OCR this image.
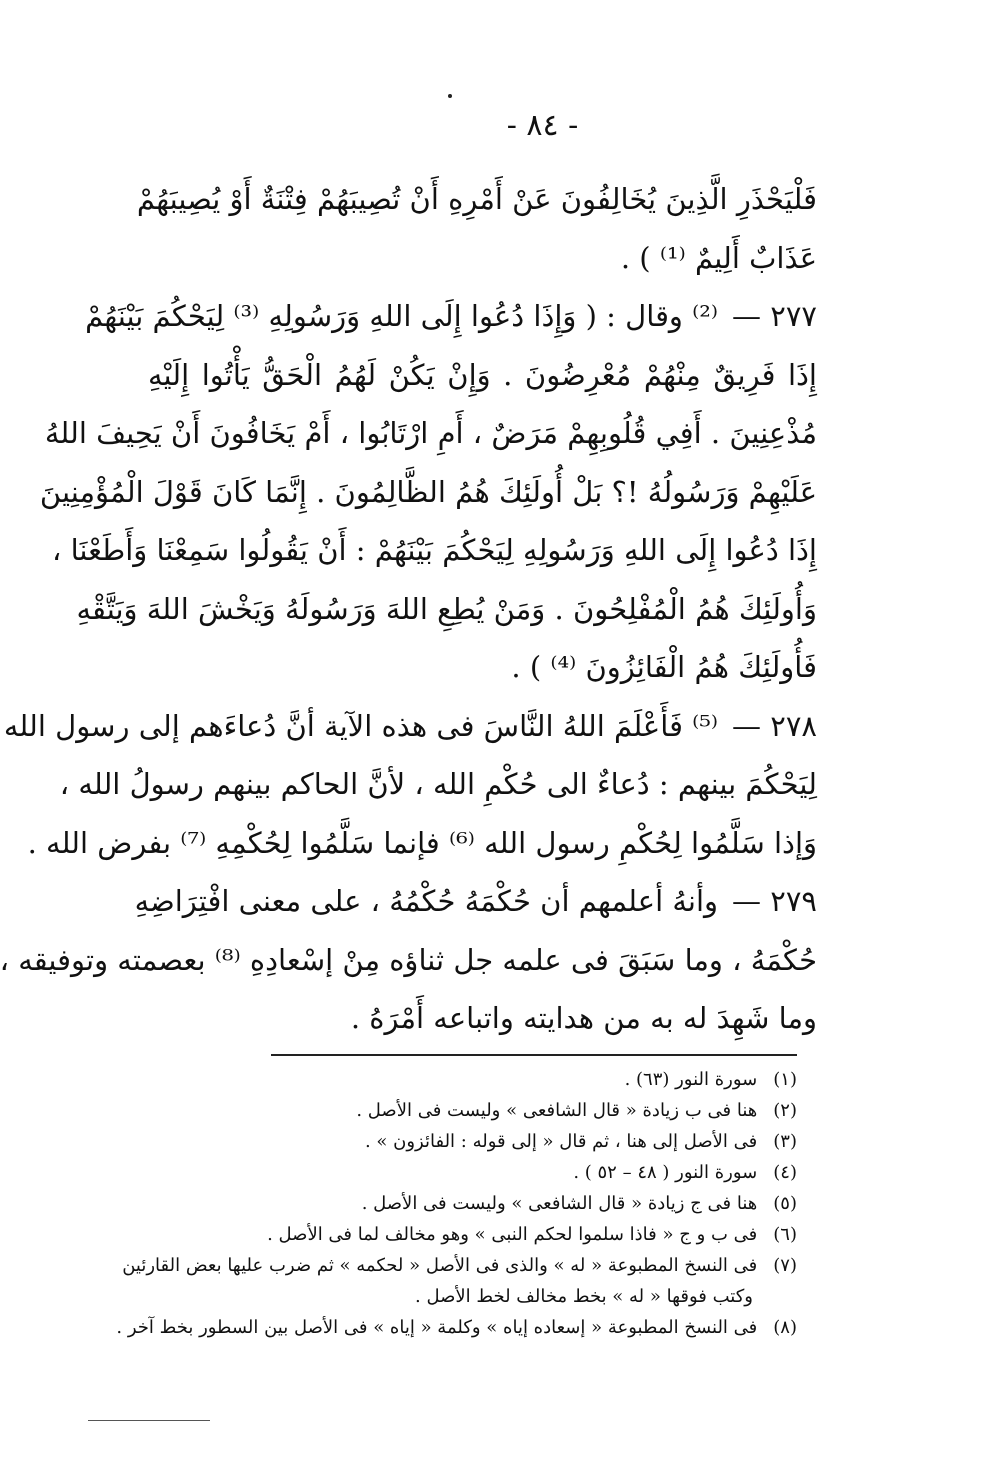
- ٨٤ -
فَلْيَحْذَرِ الَّذِينَ يُخَالِفُونَ عَنْ أَمْرِهِ أَنْ تُصِيبَهُمْ فِتْنَةٌ أَوْ يُصِيبَهُمْ
عَذَابٌ أَلِيمٌ ⁽¹⁾ ) .
٢٧٧ —⁽²⁾ وقال : ( وَإِذَا دُعُوا إِلَى اللهِ وَرَسُولِهِ ⁽³⁾ لِيَحْكُمَ بَيْنَهُمْ
إِذَا فَرِيقٌ مِنْهُمْ مُعْرِضُونَ . وَإِنْ يَكُنْ لَهُمُ الْحَقُّ يَأْتُوا إِلَيْهِ
مُذْعِنِينَ . أَفِي قُلُوبِهِمْ مَرَضٌ ، أَمِ ارْتَابُوا ، أَمْ يَخَافُونَ أَنْ يَحِيفَ اللهُ
عَلَيْهِمْ وَرَسُولُهُ !؟ بَلْ أُولَئِكَ هُمُ الظَّالِمُونَ . إِنَّمَا كَانَ قَوْلَ الْمُؤْمِنِينَ
إِذَا دُعُوا إِلَى اللهِ وَرَسُولِهِ لِيَحْكُمَ بَيْنَهُمْ : أَنْ يَقُولُوا سَمِعْنَا وَأَطَعْنَا ،
وَأُولَئِكَ هُمُ الْمُفْلِحُونَ . وَمَنْ يُطِعِ اللهَ وَرَسُولَهُ وَيَخْشَ اللهَ وَيَتَّقْهِ
فَأُولَئِكَ هُمُ الْفَائِزُونَ ⁽⁴⁾ ) .
٢٧٨ —⁽⁵⁾ فَأَعْلَمَ اللهُ النَّاسَ فى هذه الآية أنَّ دُعاءَهم إلى رسول الله
لِيَحْكُمَ بينهم : دُعاءٌ الى حُكْمِ الله ، لأنَّ الحاكم بينهم رسولُ الله ،
وَإذا سَلَّمُوا لِحُكْمِ رسول الله ⁽⁶⁾ فإنما سَلَّمُوا لِحُكْمِهِ ⁽⁷⁾ بفرض الله .
٢٧٩ —وأنهُ أعلمهم أن حُكْمَهُ حُكْمُهُ ، على معنى افْتِرَاضِهِ
حُكْمَهُ ، وما سَبَقَ فى علمه جل ثناؤه مِنْ إسْعادِهِ ⁽⁸⁾ بعصمته وتوفيقه ،
وما شَهِدَ له به من هدايته واتباعه أَمْرَهُ .
(١) سورة النور (٦٣) .
(٢) هنا فى ب زيادة « قال الشافعى » وليست فى الأصل .
(٣) فى الأصل إلى هنا ، ثم قال « إلى قوله : الفائزون » .
(٤) سورة النور ( ٤٨ – ٥٢ ) .
(٥) هنا فى ج زيادة « قال الشافعى » وليست فى الأصل .
(٦) فى ب و ج « فاذا سلموا لحكم النبى » وهو مخالف لما فى الأصل .
(٧) فى النسخ المطبوعة « له » والذى فى الأصل « لحكمه » ثم ضرب عليها بعض القارئين
وكتب فوقها « له » بخط مخالف لخط الأصل .
(٨) فى النسخ المطبوعة « إسعاده إياه » وكلمة « إياه » فى الأصل بين السطور بخط آخر .
